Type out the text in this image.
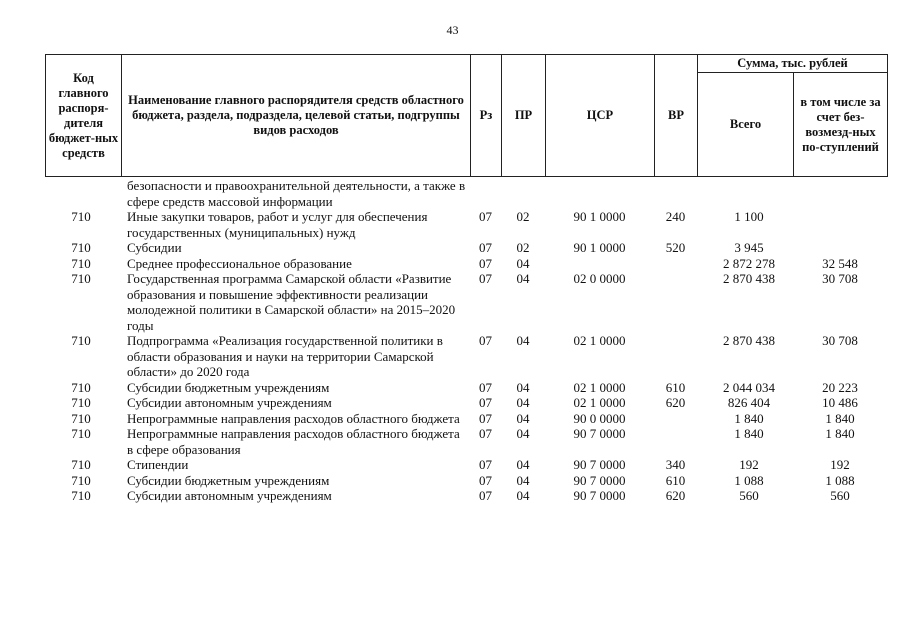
43
Код главного распоря-дителя бюджет-ных средств	Наименование главного распорядителя средств областного бюджета, раздела, подраздела, целевой статьи, подгруппы видов расходов	Рз	ПР	ЦСР	ВР	Сумма, тыс. рублей	
						Всего	в том числе за счет без-возмезд-ных по-ступлений
	безопасности и правоохранительной деятельности, а также в сфере средств массовой информации						
710	Иные закупки товаров, работ и услуг для обеспечения государственных (муниципальных) нужд	07	02	90 1 0000	240	1 100	
710	Субсидии	07	02	90 1 0000	520	3 945	
710	Среднее профессиональное образование	07	04			2 872 278	32 548
710	Государственная программа Самарской области «Развитие образования и повышение эффективности реализации молодежной политики в Самарской области» на 2015–2020 годы	07	04	02 0 0000		2 870 438	30 708
710	Подпрограмма «Реализация государственной политики в области образования и науки на территории Самарской области» до 2020 года	07	04	02 1 0000		2 870 438	30 708
710	Субсидии бюджетным учреждениям	07	04	02 1 0000	610	2 044 034	20 223
710	Субсидии автономным учреждениям	07	04	02 1 0000	620	826 404	10 486
710	Непрограммные направления расходов областного бюджета	07	04	90 0 0000		1 840	1 840
710	Непрограммные направления расходов областного бюджета в сфере образования	07	04	90 7 0000		1 840	1 840
710	Стипендии	07	04	90 7 0000	340	192	192
710	Субсидии бюджетным учреждениям	07	04	90 7 0000	610	1 088	1 088
710	Субсидии автономным учреждениям	07	04	90 7 0000	620	560	560
